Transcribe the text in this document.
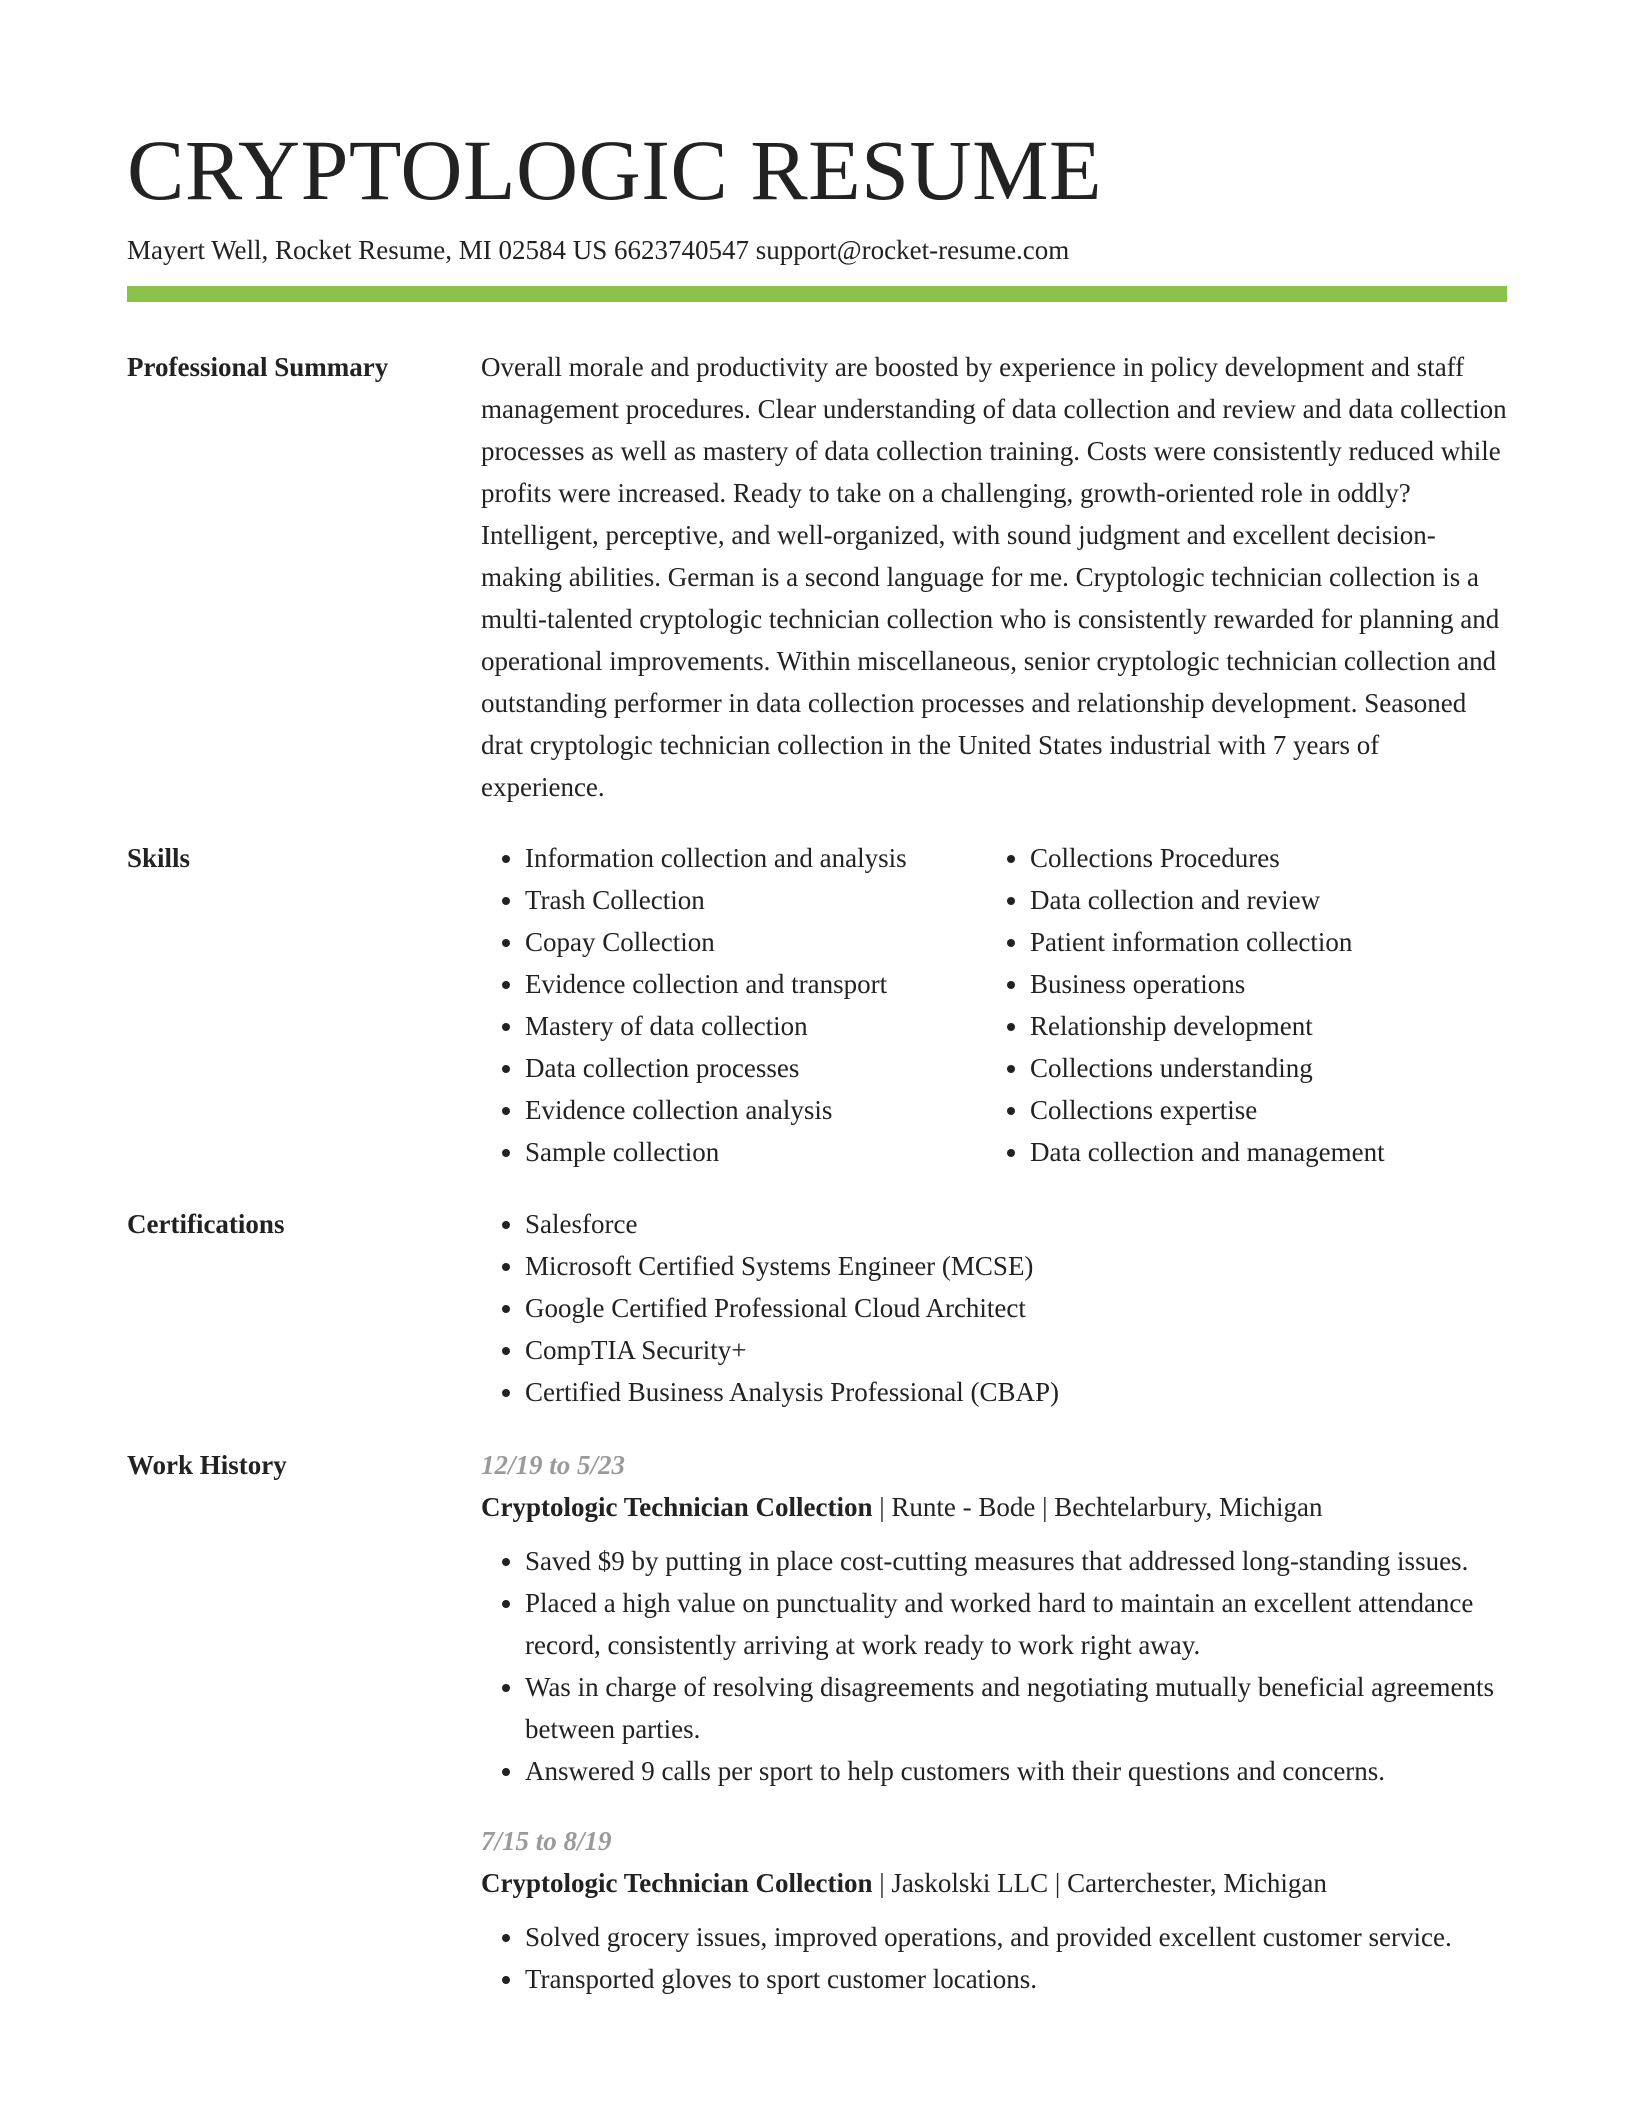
CRYPTOLOGIC RESUME
Mayert Well, Rocket Resume, MI 02584 US 6623740547 support@rocket-resume.com
Professional Summary	Overall morale and productivity are boosted by experience in policy development and staff management procedures. Clear understanding of data collection and review and data collection processes as well as mastery of data collection training. Costs were consistently reduced while profits were increased. Ready to take on a challenging, growth-oriented role in oddly? Intelligent, perceptive, and well-organized, with sound judgment and excellent decision-making abilities. German is a second language for me. Cryptologic technician collection is a multi-talented cryptologic technician collection who is consistently rewarded for planning and operational improvements. Within miscellaneous, senior cryptologic technician collection and outstanding performer in data collection processes and relationship development. Seasoned drat cryptologic technician collection in the United States industrial with 7 years of experience.

Skills	• Information collection and analysis
• Trash Collection
• Copay Collection
• Evidence collection and transport
• Mastery of data collection
• Data collection processes
• Evidence collection analysis
• Sample collection
• Collections Procedures
• Data collection and review
• Patient information collection
• Business operations
• Relationship development
• Collections understanding
• Collections expertise
• Data collection and management
Certifications	• Salesforce
• Microsoft Certified Systems Engineer (MCSE)
• Google Certified Professional Cloud Architect
• CompTIA Security+
• Certified Business Analysis Professional (CBAP)
Work History	12/19 to 5/23
Cryptologic Technician Collection | Runte - Bode | Bechtelarbury, Michigan
• Saved $9 by putting in place cost-cutting measures that addressed long-standing issues.
• Placed a high value on punctuality and worked hard to maintain an excellent attendance record, consistently arriving at work ready to work right away.
• Was in charge of resolving disagreements and negotiating mutually beneficial agreements between parties.
• Answered 9 calls per sport to help customers with their questions and concerns.
7/15 to 8/19
Cryptologic Technician Collection | Jaskolski LLC | Carterchester, Michigan
• Solved grocery issues, improved operations, and provided excellent customer service.
• Transported gloves to sport customer locations.
